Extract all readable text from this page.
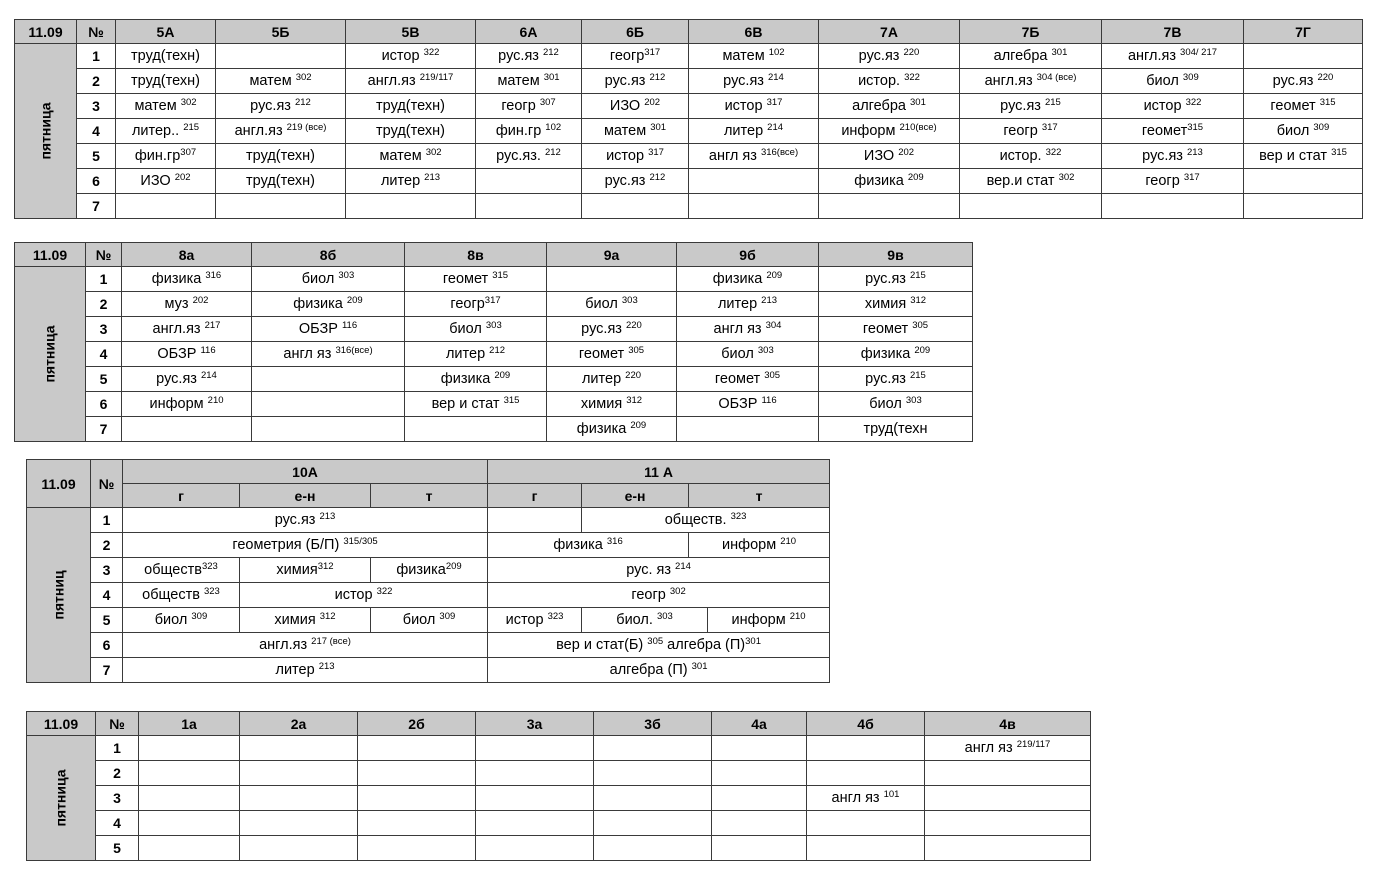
11.09	№	5А	5Б	5В	6А	6Б	6В	7А	7Б	7В	7Г
пятница	1	труд(техн)		истор $^{322}$	рус.яз $^{212}$	геогр$^{317}$	матем $^{102}$	рус.яз $^{220}$	алгебра $^{301}$	англ.яз $^{304/ 217}$	
	2	труд(техн)	матем $^{302}$	англ.яз $^{219/117}$	матем $^{301}$	рус.яз $^{212}$	рус.яз $^{214}$	истор. $^{322}$	англ.яз $^{304 (все)}$	биол $^{309}$	рус.яз $^{220}$
	3	матем $^{302}$	рус.яз $^{212}$	труд(техн)	геогр $^{307}$	ИЗО $^{202}$	истор $^{317}$	алгебра $^{301}$	рус.яз $^{215}$	истор $^{322}$	геомет $^{315}$
	4	литер.. $^{215}$	англ.яз $^{219 (все)}$	труд(техн)	фин.гр $^{102}$	матем $^{301}$	литер $^{214}$	информ $^{210(все)}$	геогр $^{317}$	геомет$^{315}$	биол $^{309}$
	5	$фин.гр^{307}$	труд(техн)	матем $^{302}$	рус.яз. $^{212}$	истор $^{317}$	англ яз $^{316(все)}$	ИЗО $^{202}$	истор. $^{322}$	рус.яз $^{213}$	вер и стат $^{315}$
	6	ИЗО $^{202}$	труд(техн)	литер $^{213}$		рус.яз $^{212}$		физика $^{209}$	вер.и стат $^{302}$	геогр $^{317}$	
	7										
11.09	№	8а	8б	8в	9а	9б	9в
пятница	1	физика $^{316}$	биол $^{303}$	геомет $^{315}$		физика $^{209}$	рус.яз $^{215}$
	2	муз $^{202}$	физика $^{209}$	геогр$^{317}$	биол $^{303}$	литер $^{213}$	химия $^{312}$
	3	англ.яз $^{217}$	ОБЗР $^{116}$	биол $^{303}$	рус.яз $^{220}$	англ яз $^{304}$	геомет $^{305}$
	4	ОБЗР $^{116}$	англ яз $^{316(все)}$	литер $^{212}$	геомет $^{305}$	биол $^{303}$	физика $^{209}$
	5	рус.яз $^{214}$		физика $^{209}$	литер $^{220}$	геомет $^{305}$	рус.яз $^{215}$
	6	информ $^{210}$		вер и стат $^{315}$	химия $^{312}$	ОБЗР $^{116}$	биол $^{303}$
	7				физика $^{209}$		труд(техн
11.09	№	10А			11 А			
		г	е-н	т	г	е-н	т	
пятниц	1	рус.яз $^{213}$				обществ. $^{323}$
	2	геометрия (Б/П) $^{315/305}$			физика $^{316}$		информ $^{210}$
	3	обществ$^{323}$	химия$^{312}$	физика$^{209}$	рус. яз $^{214}$
	4	обществ $^{323}$	истор $^{322}$		геогр $^{302}$
	5	биол $^{309}$	химия $^{312}$	биол $^{309}$	истор $^{323}$	биол. $^{303}$		информ $^{210}$
	6	англ.яз $^{217 (все)}$			вер и стат(Б) $^{305}$ алгебра $(П)^{301}$
	7	литер $^{213}$			алгебра (П) $^{301}$
11.09	№	1а	2а	2б	3а	3б	4а	4б	4в
пятница	1								англ яз $^{219/117}$
	2								
	3							англ яз $^{101}$	
	4								
	5								
